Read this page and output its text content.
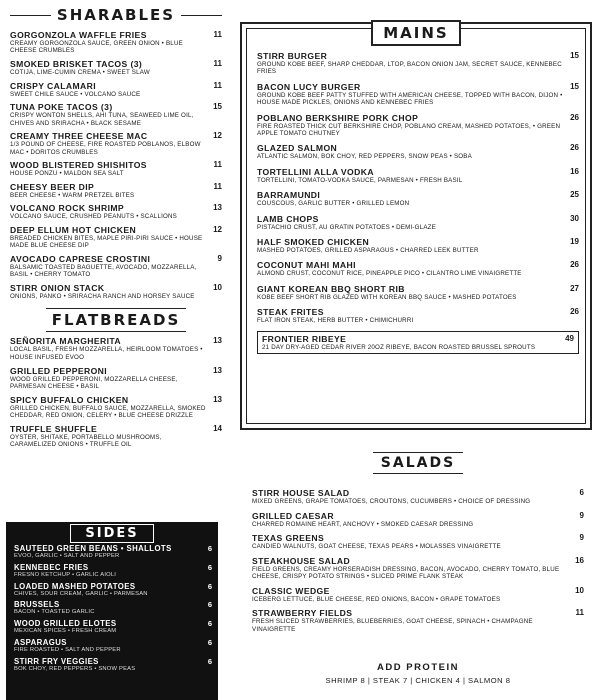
SHARABLES
GORGONZOLA WAFFLE FRIES
CREAMY GORGONZOLA SAUCE, GREEN ONION • BLUE CHEESE CRUMBLES
11
SMOKED BRISKET TACOS (3)
COTIJA, LIME-CUMIN CREMA • SWEET SLAW
11
CRISPY CALAMARI
SWEET CHILE SAUCE • VOLCANO SAUCE
11
TUNA POKE TACOS (3)
CRISPY WONTON SHELLS, AHI TUNA, SEAWEED LIME OIL, CHIVES AND SRIRACHA • BLACK SESAME
15
CREAMY THREE CHEESE MAC
1/3 POUND OF CHEESE, FIRE ROASTED POBLANOS, ELBOW MAC • DORITOS CRUMBLES
12
WOOD BLISTERED SHISHITOS
HOUSE PONZU • MALDON SEA SALT
11
CHEESY BEER DIP
BEER CHEESE • WARM PRETZEL BITES
11
VOLCANO ROCK SHRIMP
VOLCANO SAUCE, CRUSHED PEANUTS • SCALLIONS
13
DEEP ELLUM HOT CHICKEN
BREADED CHICKEN BITES, MAPLE PIRI-PIRI SAUCE • HOUSE MADE BLUE CHEESE DIP
12
AVOCADO CAPRESE CROSTINI
BALSAMIC TOASTED BAGUETTE, AVOCADO, MOZZARELLA, BASIL • CHERRY TOMATO
9
STIRR ONION STACK
ONIONS, PANKO • SRIRACHA RANCH AND HORSEY SAUCE
10
FLATBREADS
SEÑORITA MARGHERITA
LOCAL BASIL, FRESH MOZZARELLA, HEIRLOOM TOMATOES • HOUSE INFUSED EVOO
13
GRILLED PEPPERONI
WOOD GRILLED PEPPERONI, MOZZARELLA CHEESE, PARMESAN CHEESE • BASIL
13
SPICY BUFFALO CHICKEN
GRILLED CHICKEN, BUFFALO SAUCE, MOZZARELLA, SMOKED CHEDDAR, RED ONION, CELERY • BLUE CHEESE DRIZZLE
13
TRUFFLE SHUFFLE
OYSTER, SHITAKE, PORTABELLO MUSHROOMS, CARAMELIZED ONIONS • TRUFFLE OIL
14
SIDES
SAUTEED GREEN BEANS • SHALLOTS
EVOO, GARLIC • SALT AND PEPPER
6
KENNEBEC FRIES
FRESNO KETCHUP • GARLIC AIOLI
6
LOADED MASHED POTATOES
CHIVES, SOUR CREAM, GARLIC • PARMESAN
6
BRUSSELS
BACON • TOASTED GARLIC
6
WOOD GRILLED ELOTES
MEXICAN SPICES • FRESH CREAM
6
ASPARAGUS
FIRE ROASTED • SALT AND PEPPER
6
STIRR FRY VEGGIES
BOK CHOY, RED PEPPERS • SNOW PEAS
6
MAINS
STIRR BURGER
GROUND KOBE BEEF, SHARP CHEDDAR, LTOP, BACON ONION JAM, SECRET SAUCE, KENNEBEC FRIES
15
BACON LUCY BURGER
GROUND KOBE BEEF PATTY STUFFED WITH AMERICAN CHEESE, TOPPED WITH BACON, DIJON • HOUSE MADE PICKLES, ONIONS AND KENNEBEC FRIES
15
POBLANO BERKSHIRE PORK CHOP
FIRE ROASTED THICK CUT BERKSHIRE CHOP, POBLANO CREAM, MASHED POTATOES, • GREEN APPLE TOMATO CHUTNEY
26
GLAZED SALMON
ATLANTIC SALMON, BOK CHOY, RED PEPPERS, SNOW PEAS • SOBA
26
TORTELLINI ALLA VODKA
TORTELLINI, TOMATO-VODKA SAUCE, PARMESAN • FRESH BASIL
16
BARRAMUNDI
COUSCOUS, GARLIC BUTTER • GRILLED LEMON
25
LAMB CHOPS
PISTACHIO CRUST, AU GRATIN POTATOES • DEMI-GLAZE
30
HALF SMOKED CHICKEN
MASHED POTATOES, GRILLED ASPARAGUS • CHARRED LEEK BUTTER
19
COCONUT MAHI MAHI
ALMOND CRUST, COCONUT RICE, PINEAPPLE PICO • CILANTRO LIME VINAIGRETTE
26
GIANT KOREAN BBQ SHORT RIB
KOBE BEEF SHORT RIB GLAZED WITH KOREAN BBQ SAUCE • MASHED POTATOES
27
STEAK FRITES
FLAT IRON STEAK, HERB BUTTER • CHIMICHURRI
26
FRONTIER RIBEYE
21 DAY DRY-AGED CEDAR RIVER 20OZ RIBEYE, BACON ROASTED BRUSSEL SPROUTS
49
SALADS
STIRR HOUSE SALAD
MIXED GREENS, GRAPE TOMATOES, CROUTONS, CUCUMBERS • CHOICE OF DRESSING
6
GRILLED CAESAR
CHARRED ROMAINE HEART, ANCHOVY • SMOKED CAESAR DRESSING
9
TEXAS GREENS
CANDIED WALNUTS, GOAT CHEESE, TEXAS PEARS • MOLASSES VINAIGRETTE
9
STEAKHOUSE SALAD
FIELD GREENS, CREAMY HORSERADISH DRESSING, BACON, AVOCADO, CHERRY TOMATO, BLUE CHEESE, CRISPY POTATO STRINGS • SLICED PRIME FLANK STEAK
16
CLASSIC WEDGE
ICEBERG LETTUCE, BLUE CHEESE, RED ONIONS, BACON • GRAPE TOMATOES
10
STRAWBERRY FIELDS
FRESH SLICED STRAWBERRIES, BLUEBERRIES, GOAT CHEESE, SPINACH • CHAMPAGNE VINAIGRETTE
11
ADD PROTEIN
SHRIMP 8 | STEAK 7 | CHICKEN 4 | SALMON 8
